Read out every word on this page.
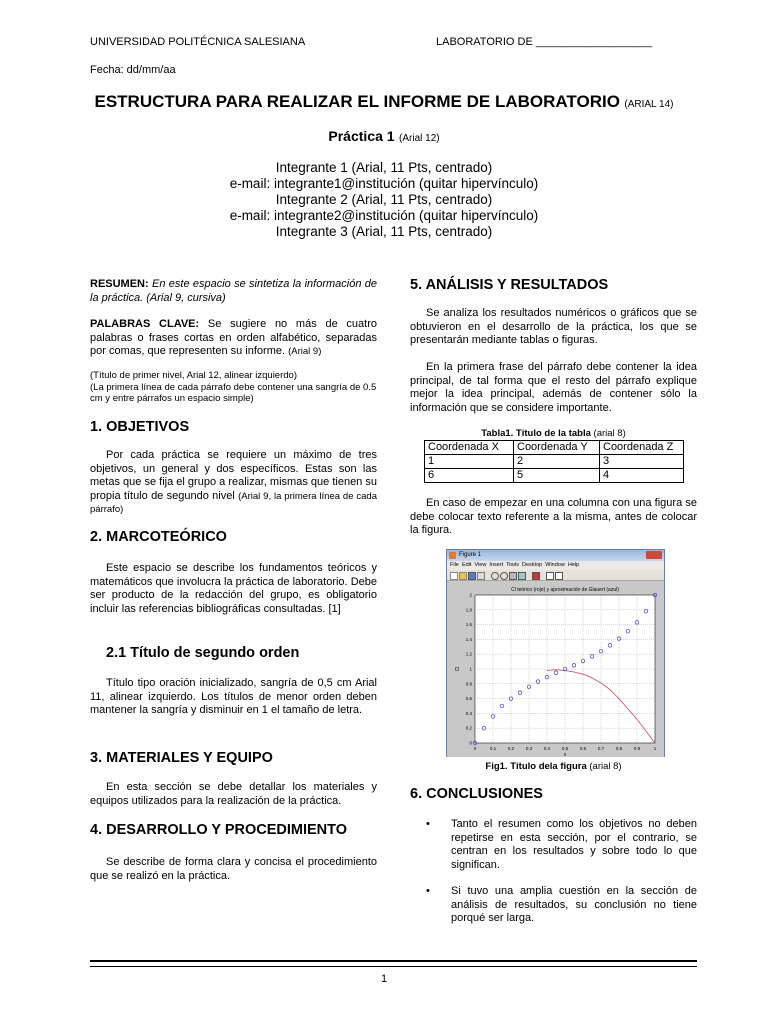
UNIVERSIDAD POLITÉCNICA SALESIANA	LABORATORIO DE ___________________
Fecha: dd/mm/aa
ESTRUCTURA PARA REALIZAR EL INFORME DE LABORATORIO (ARIAL 14)
Práctica 1 (Arial 12)
Integrante 1 (Arial, 11 Pts, centrado)
e-mail: integrante1@institución (quitar hipervínculo)
Integrante 2 (Arial, 11 Pts, centrado)
e-mail: integrante2@institución (quitar hipervínculo)
Integrante 3 (Arial, 11 Pts, centrado)
RESUMEN: En este espacio se sintetiza la información de la práctica. (Arial 9, cursiva)
PALABRAS CLAVE: Se sugiere no más de cuatro palabras o frases cortas en orden alfabético, separadas por comas, que representen su informe. (Arial 9)
(Título de primer nivel, Arial 12, alinear izquierdo)
(La primera línea de cada párrafo debe contener una sangría de 0.5 cm y entre párrafos un espacio simple)
1. OBJETIVOS
Por cada práctica se requiere un máximo de tres objetivos, un general y dos específicos. Estas son las metas que se fija el grupo a realizar, mismas que tienen su propia título de segundo nivel (Arial 9, la primera línea de cada párrafo)
2. MARCOTEÓRICO
Este espacio se describe los fundamentos teóricos y matemáticos que involucra la práctica de laboratorio. Debe ser producto de la redacción del grupo, es obligatorio incluir las referencias bibliográficas consultadas. [1]
2.1 Título de segundo orden
Título tipo oración inicializado, sangría de 0,5 cm Arial 11, alinear izquierdo. Los títulos de menor orden deben mantener la sangría y disminuir en 1 el tamaño de letra.
3. MATERIALES Y EQUIPO
En esta sección se debe detallar los materiales y equipos utilizados para la realización de la práctica.
4. DESARROLLO Y PROCEDIMIENTO
Se describe de forma clara y concisa el procedimiento que se realizó en la práctica.
5. ANÁLISIS Y RESULTADOS
Se analiza los resultados numéricos o gráficos que se obtuvieron en el desarrollo de la práctica, los que se presentarán mediante tablas o figuras.
En la primera frase del párrafo debe contener la idea principal, de tal forma que el resto del párrafo explique mejor la idea principal, además de contener sólo la información que se considere importante.
Tabla1. Título de la tabla (arial 8)
Coordenada X	Coordenada Y	Coordenada Z
1	2	3
6	5	4
En caso de empezar en una columna con una figura se debe colocar texto referente a la misma, antes de colocar la figura.
Figure 1
File Edit View Insert Tools Desktop Window Help
0	0.1	0.2	0.3	0.4	0.5	0.6	0.7	0.8	0.9	1
0
0.2
0.4
0.6
0.8
1
1.2
1.4
1.6
1.8
2
Cl teórico (rojo) y aproximación de Glauert (azul)
x
Cl
Fig1. Título dela figura (arial 8)
6. CONCLUSIONES
• Tanto el resumen como los objetivos no deben repetirse en esta sección, por el contrario, se centran en los resultados y sobre todo lo que significan.
• Si tuvo una amplia cuestión en la sección de análisis de resultados, su conclusión no tiene porqué ser larga.
1
